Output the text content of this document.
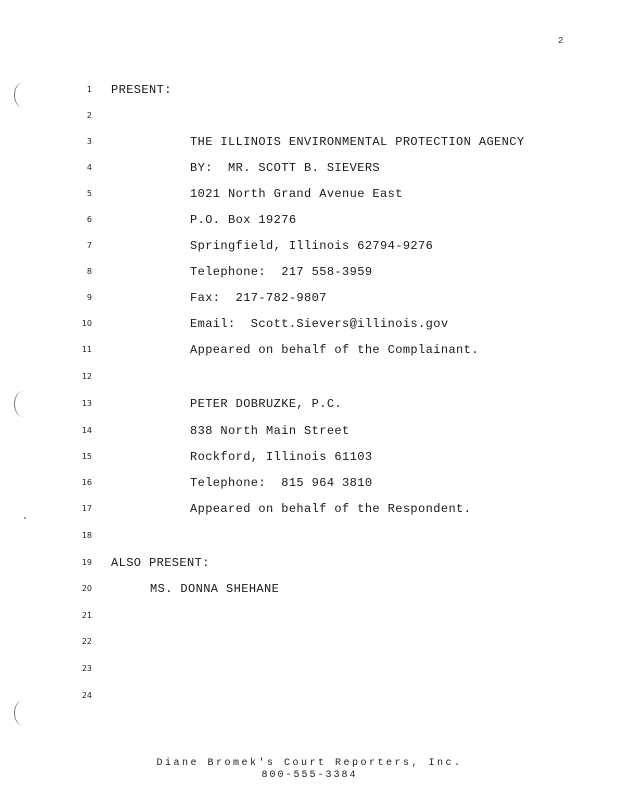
2
1 PRESENT:
2
3	THE ILLINOIS ENVIRONMENTAL PROTECTION AGENCY
4	BY:  MR. SCOTT B. SIEVERS
5	1021 North Grand Avenue East
6	P.O. Box 19276
7	Springfield, Illinois 62794-9276
8	Telephone:  217 558-3959
9	Fax:  217-782-9807
10	Email:  Scott.Sievers@illinois.gov
11	Appeared on behalf of the Complainant.
12
13	PETER DOBRUZKE, P.C.
14	838 North Main Street
15	Rockford, Illinois 61103
16	Telephone:  815 964 3810
17	Appeared on behalf of the Respondent.
18
19 ALSO PRESENT:
20	MS. DONNA SHEHANE
21
22
23
24
Diane Bromek's Court Reporters, Inc.
800-555-3384
